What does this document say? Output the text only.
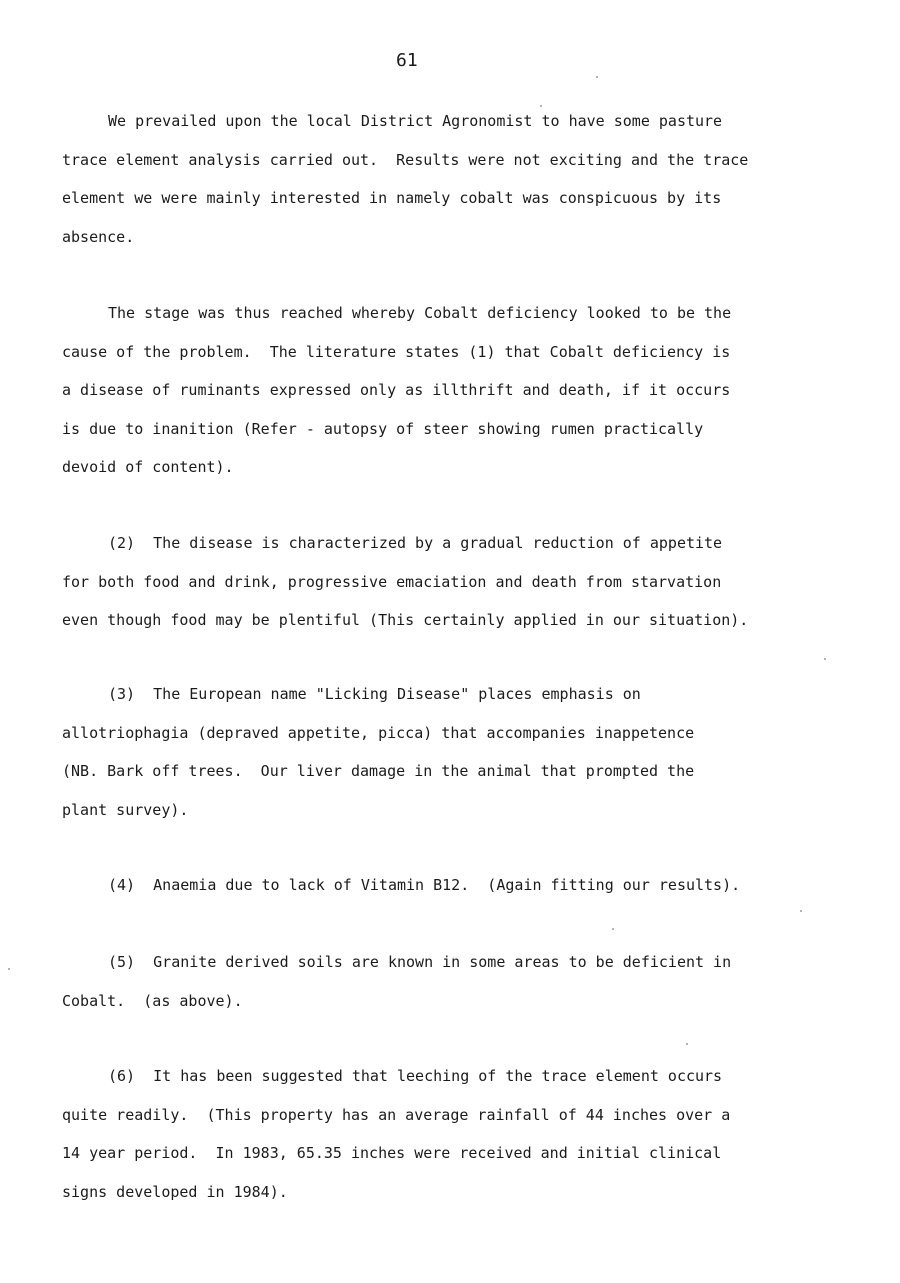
61
We prevailed upon the local District Agronomist to have some pasture
trace element analysis carried out.  Results were not exciting and the trace
element we were mainly interested in namely cobalt was conspicuous by its
absence.
The stage was thus reached whereby Cobalt deficiency looked to be the
cause of the problem.  The literature states (1) that Cobalt deficiency is
a disease of ruminants expressed only as illthrift and death, if it occurs
is due to inanition (Refer - autopsy of steer showing rumen practically
devoid of content).
(2)  The disease is characterized by a gradual reduction of appetite
for both food and drink, progressive emaciation and death from starvation
even though food may be plentiful (This certainly applied in our situation).
(3)  The European name "Licking Disease" places emphasis on
allotriophagia (depraved appetite, picca) that accompanies inappetence
(NB. Bark off trees.  Our liver damage in the animal that prompted the
plant survey).
(4)  Anaemia due to lack of Vitamin B12.  (Again fitting our results).
(5)  Granite derived soils are known in some areas to be deficient in
Cobalt.  (as above).
(6)  It has been suggested that leeching of the trace element occurs
quite readily.  (This property has an average rainfall of 44 inches over a
14 year period.  In 1983, 65.35 inches were received and initial clinical
signs developed in 1984).
